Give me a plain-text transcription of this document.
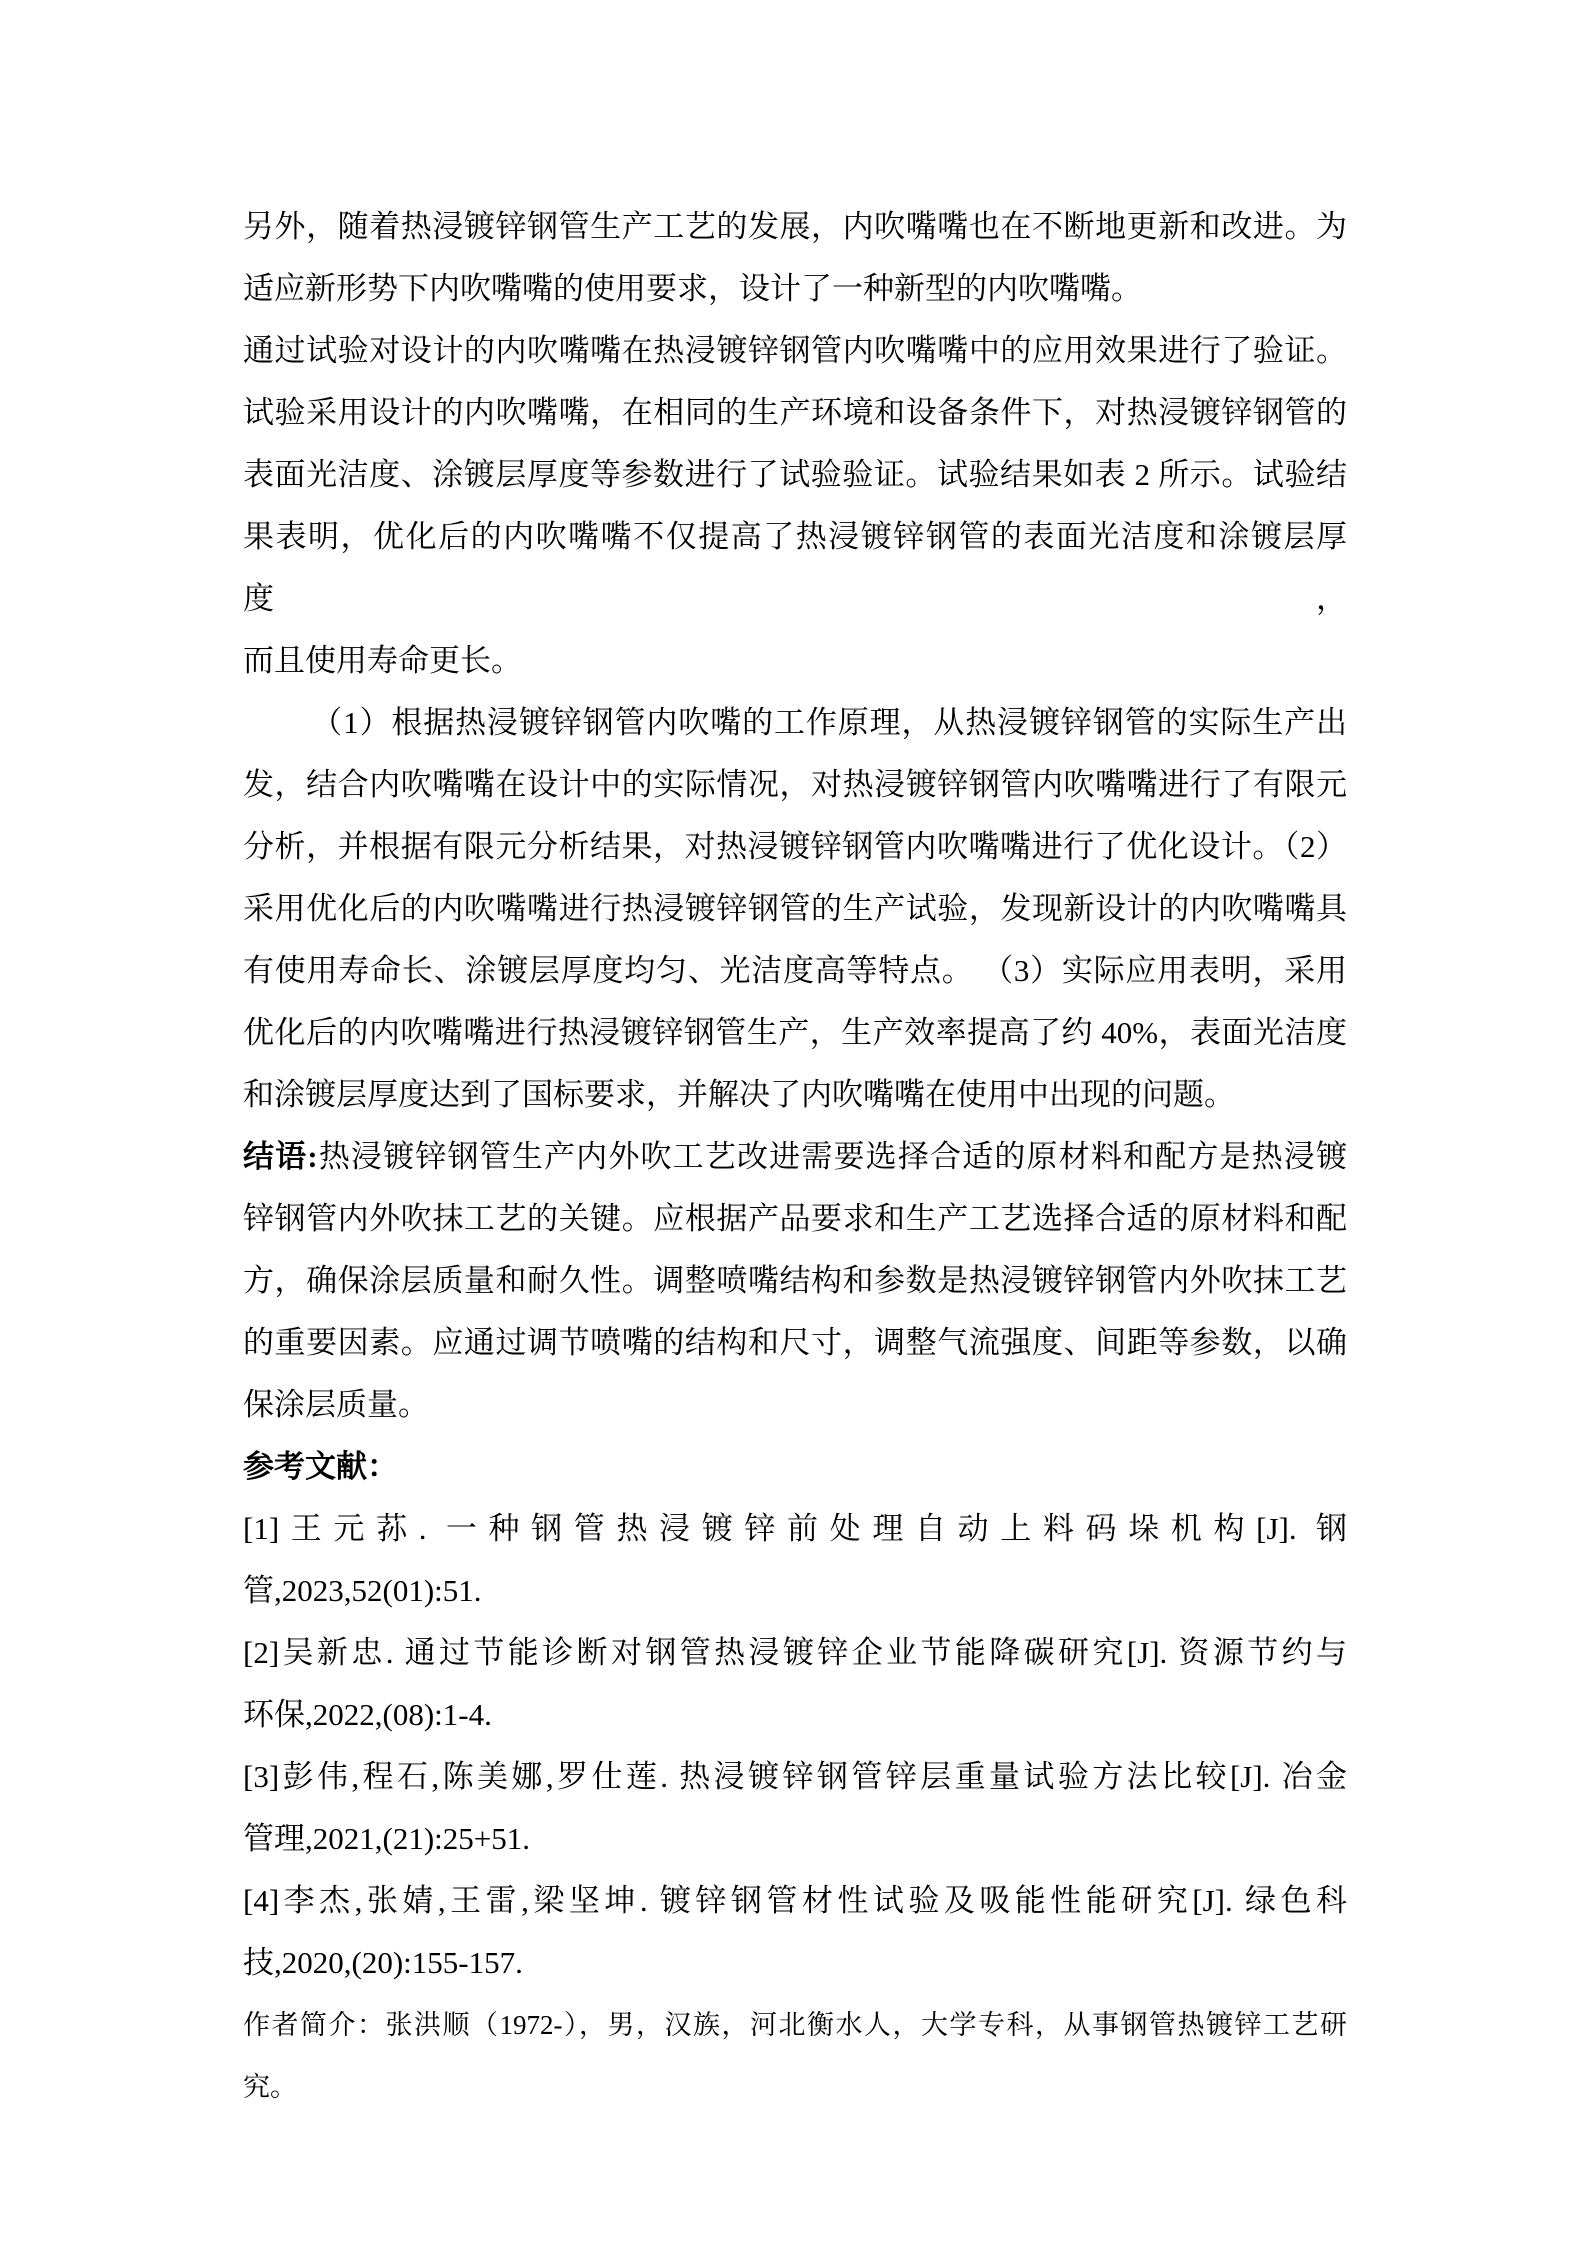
另外，随着热浸镀锌钢管生产工艺的发展，内吹嘴嘴也在不断地更新和改进。为
适应新形势下内吹嘴嘴的使用要求，设计了一种新型的内吹嘴嘴。
通过试验对设计的内吹嘴嘴在热浸镀锌钢管内吹嘴嘴中的应用效果进行了验证。
试验采用设计的内吹嘴嘴，在相同的生产环境和设备条件下，对热浸镀锌钢管的
表面光洁度、涂镀层厚度等参数进行了试验验证。试验结果如表 2 所示。试验结
果表明，优化后的内吹嘴嘴不仅提高了热浸镀锌钢管的表面光洁度和涂镀层厚度，
而且使用寿命更长。
（1）根据热浸镀锌钢管内吹嘴的工作原理，从热浸镀锌钢管的实际生产出
发，结合内吹嘴嘴在设计中的实际情况，对热浸镀锌钢管内吹嘴嘴进行了有限元
分析，并根据有限元分析结果，对热浸镀锌钢管内吹嘴嘴进行了优化设计。（2）
采用优化后的内吹嘴嘴进行热浸镀锌钢管的生产试验，发现新设计的内吹嘴嘴具
有使用寿命长、涂镀层厚度均匀、光洁度高等特点。 （3）实际应用表明，采用
优化后的内吹嘴嘴进行热浸镀锌钢管生产，生产效率提高了约 40%，表面光洁度
和涂镀层厚度达到了国标要求，并解决了内吹嘴嘴在使用中出现的问题。
结语:热浸镀锌钢管生产内外吹工艺改进需要选择合适的原材料和配方是热浸镀
锌钢管内外吹抹工艺的关键。应根据产品要求和生产工艺选择合适的原材料和配
方，确保涂层质量和耐久性。调整喷嘴结构和参数是热浸镀锌钢管内外吹抹工艺
的重要因素。应通过调节喷嘴的结构和尺寸，调整气流强度、间距等参数，以确
保涂层质量。
参考文献：
[1]王元荪. 一种钢管热浸镀锌前处理自动上料码垛机构[J]. 钢
管,2023,52(01):51.
[2]吴新忠. 通过节能诊断对钢管热浸镀锌企业节能降碳研究[J]. 资源节约与
环保,2022,(08):1-4.
[3]彭伟,程石,陈美娜,罗仕莲. 热浸镀锌钢管锌层重量试验方法比较[J]. 冶金
管理,2021,(21):25+51.
[4]李杰,张婧,王雷,梁坚坤. 镀锌钢管材性试验及吸能性能研究[J]. 绿色科
技,2020,(20):155-157.
作者简介：张洪顺（1972-），男，汉族，河北衡水人，大学专科，从事钢管热镀锌工艺研
究。
